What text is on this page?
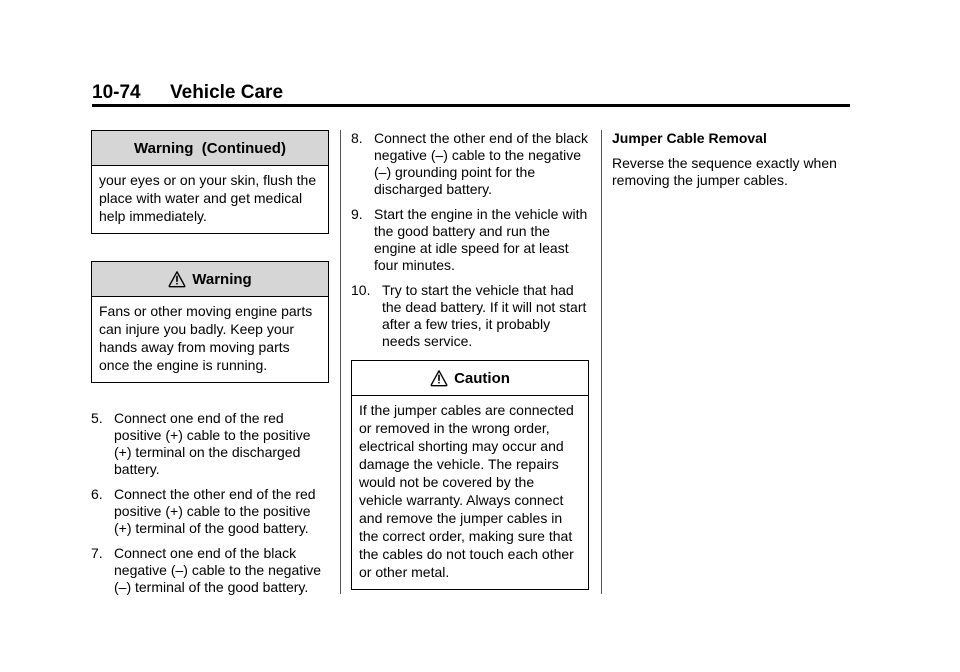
10-74 Vehicle Care
Warning  (Continued)

your eyes or on your skin, flush the place with water and get medical help immediately.

Warning

Fans or other moving engine parts can injure you badly. Keep your hands away from moving parts once the engine is running.

5. Connect one end of the red positive (+) cable to the positive (+) terminal on the discharged battery.
6. Connect the other end of the red positive (+) cable to the positive (+) terminal of the good battery.
7. Connect one end of the black negative (–) cable to the negative (–) terminal of the good battery.
8. Connect the other end of the black negative (–) cable to the negative (–) grounding point for the discharged battery.
9. Start the engine in the vehicle with the good battery and run the engine at idle speed for at least four minutes.
10. Try to start the vehicle that had the dead battery. If it will not start after a few tries, it probably needs service.
Caution

If the jumper cables are connected or removed in the wrong order, electrical shorting may occur and damage the vehicle. The repairs would not be covered by the vehicle warranty. Always connect and remove the jumper cables in the correct order, making sure that the cables do not touch each other or other metal.

Jumper Cable Removal

Reverse the sequence exactly when removing the jumper cables.
